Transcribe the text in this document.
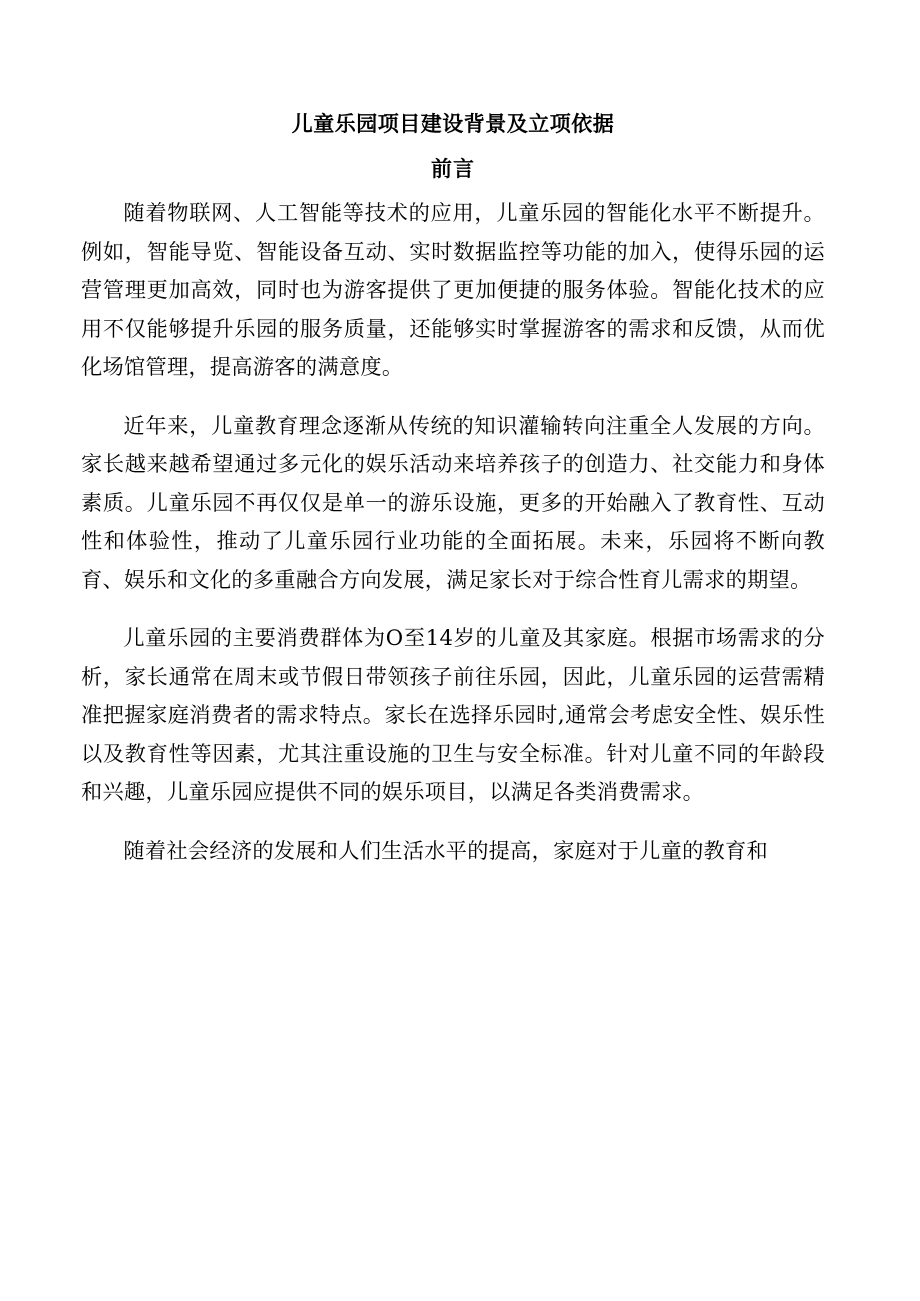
儿童乐园项目建设背景及立项依据
前言

随着物联网、人工智能等技术的应用，儿童乐园的智能化水平不断提升。例如，智能导览、智能设备互动、实时数据监控等功能的加入，使得乐园的运营管理更加高效，同时也为游客提供了更加便捷的服务体验。智能化技术的应用不仅能够提升乐园的服务质量，还能够实时掌握游客的需求和反馈，从而优化场馆管理，提高游客的满意度。

近年来，儿童教育理念逐渐从传统的知识灌输转向注重全人发展的方向。家长越来越希望通过多元化的娱乐活动来培养孩子的创造力、社交能力和身体素质。儿童乐园不再仅仅是单一的游乐设施，更多的开始融入了教育性、互动性和体验性，推动了儿童乐园行业功能的全面拓展。未来，乐园将不断向教育、娱乐和文化的多重融合方向发展，满足家长对于综合性育儿需求的期望。

儿童乐园的主要消费群体为O至14岁的儿童及其家庭。根据市场需求的分析，家长通常在周末或节假日带领孩子前往乐园，因此，儿童乐园的运营需精准把握家庭消费者的需求特点。家长在选择乐园时,通常会考虑安全性、娱乐性以及教育性等因素，尤其注重设施的卫生与安全标准。针对儿童不同的年龄段和兴趣，儿童乐园应提供不同的娱乐项目，以满足各类消费需求。

随着社会经济的发展和人们生活水平的提高，家庭对于儿童的教育和
